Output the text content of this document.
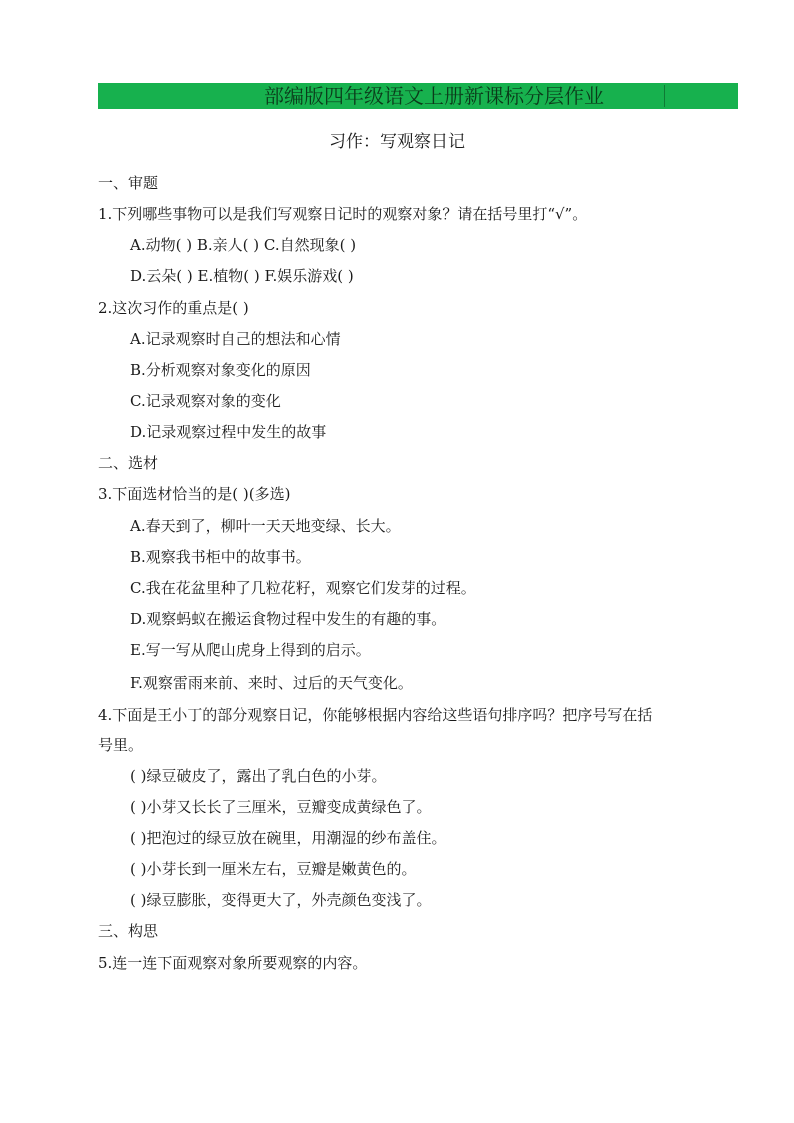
部编版四年级语文上册新课标分层作业
习作：写观察日记
一、审题
1.下列哪些事物可以是我们写观察日记时的观察对象？请在括号里打“√”。
A.动物( ) B.亲人( ) C.自然现象( )
D.云朵( ) E.植物( ) F.娱乐游戏( )
2.这次习作的重点是( )
A.记录观察时自己的想法和心情
B.分析观察对象变化的原因
C.记录观察对象的变化
D.记录观察过程中发生的故事
二、选材
3.下面选材恰当的是( )(多选)
A.春天到了，柳叶一天天地变绿、长大。
B.观察我书柜中的故事书。
C.我在花盆里种了几粒花籽，观察它们发芽的过程。
D.观察蚂蚁在搬运食物过程中发生的有趣的事。
E.写一写从爬山虎身上得到的启示。
F.观察雷雨来前、来时、过后的天气变化。
4.下面是王小丁的部分观察日记，你能够根据内容给这些语句排序吗？把序号写在括
号里。
( )绿豆破皮了，露出了乳白色的小芽。
( )小芽又长长了三厘米，豆瓣变成黄绿色了。
( )把泡过的绿豆放在碗里，用潮湿的纱布盖住。
( )小芽长到一厘米左右，豆瓣是嫩黄色的。
( )绿豆膨胀，变得更大了，外壳颜色变浅了。
三、构思
5.连一连下面观察对象所要观察的内容。
